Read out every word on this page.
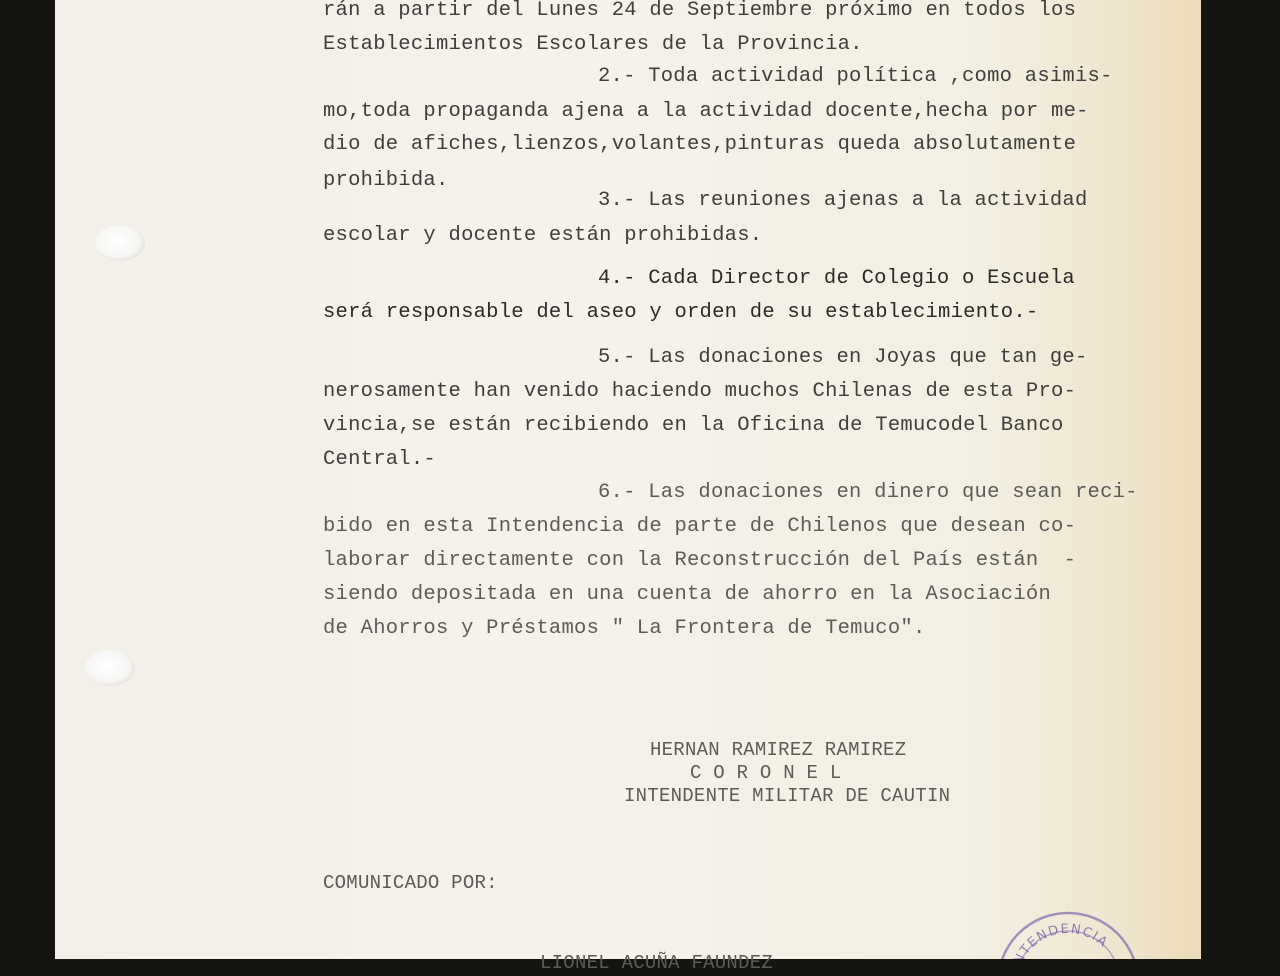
INTENDENCIA

rán a partir del Lunes 24 de Septiembre próximo en todos los

Establecimientos Escolares de la Provincia.

2.- Toda actividad política ,como asimis-

mo,toda propaganda ajena a la actividad docente,hecha por me-

dio de afiches,lienzos,volantes,pinturas queda absolutamente

prohibida.

3.- Las reuniones ajenas a la actividad

escolar y docente están prohibidas.

4.- Cada Director de Colegio o Escuela

será responsable del aseo y orden de su establecimiento.-

5.- Las donaciones en Joyas que tan ge-

nerosamente han venido haciendo muchos Chilenas de esta Pro-

vincia,se están recibiendo en la Oficina de Temucodel Banco

Central.-

6.- Las donaciones en dinero que sean reci-

bido en esta Intendencia de parte de Chilenos que desean co-

laborar directamente con la Reconstrucción del País están  -

siendo depositada en una cuenta de ahorro en la Asociación

de Ahorros y Préstamos " La Frontera de Temuco".

HERNAN RAMIREZ RAMIREZ

C O R O N E L

INTENDENTE MILITAR DE CAUTIN

COMUNICADO POR:

LIONEL ACUÑA FAUNDEZ
